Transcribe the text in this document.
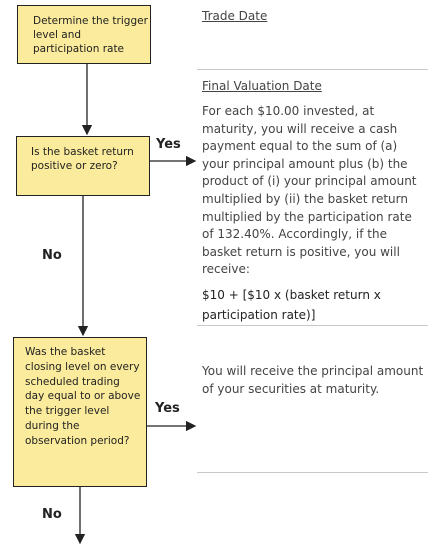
Determine the trigger level and participation rate
Is the basket return positive or zero?
Was the basket closing level on every scheduled trading day equal to or above the trigger level during the observation period?
Yes
No
Yes
No
Trade Date
Final Valuation Date
For each $10.00 invested, at maturity, you will receive a cash payment equal to the sum of (a) your principal amount plus (b) the product of (i) your principal amount multiplied by (ii) the basket return multiplied by the participation rate of 132.40%. Accordingly, if the basket return is positive, you will receive:
$10 + [$10 x (basket return x participation rate)]
You will receive the principal amount of your securities at maturity.
